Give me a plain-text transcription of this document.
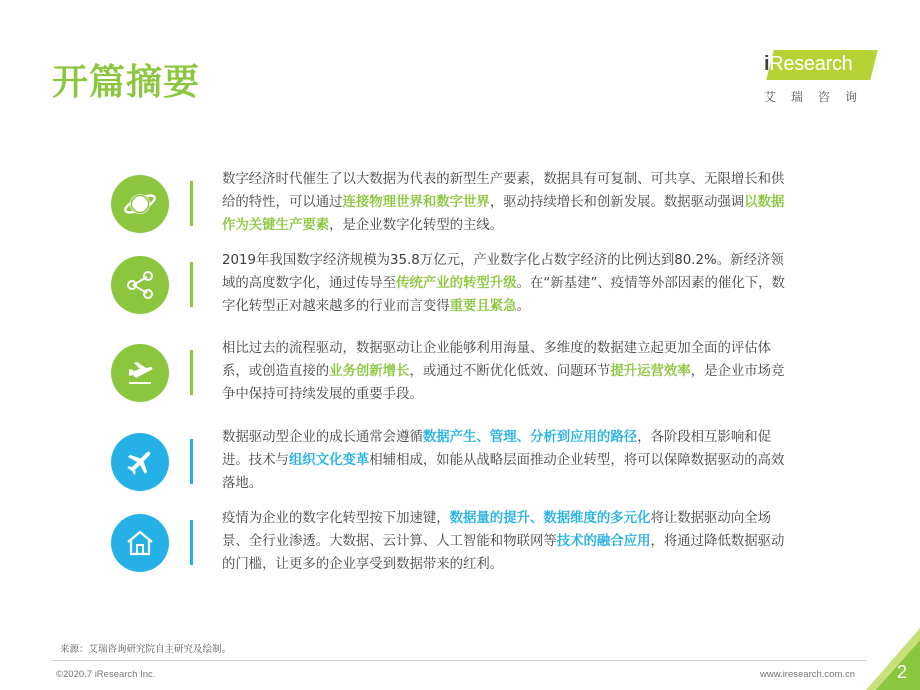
开篇摘要	iResearch
艾瑞咨询
数字经济时代催生了以大数据为代表的新型生产要素，数据具有可复制、可共享、无限增长和供给的特性，可以通过连接物理世界和数字世界，驱动持续增长和创新发展。数据驱动强调以数据作为关键生产要素，是企业数字化转型的主线。
2019年我国数字经济规模为35.8万亿元，产业数字化占数字经济的比例达到80.2%。新经济领域的高度数字化，通过传导至传统产业的转型升级。在“新基建”、疫情等外部因素的催化下，数字化转型正对越来越多的行业而言变得重要且紧急。
相比过去的流程驱动，数据驱动让企业能够利用海量、多维度的数据建立起更加全面的评估体系，或创造直接的业务创新增长，或通过不断优化低效、问题环节提升运营效率，是企业市场竞争中保持可持续发展的重要手段。
数据驱动型企业的成长通常会遵循数据产生、管理、分析到应用的路径，各阶段相互影响和促进。技术与组织文化变革相辅相成，如能从战略层面推动企业转型，将可以保障数据驱动的高效落地。
疫情为企业的数字化转型按下加速键，数据量的提升、数据维度的多元化将让数据驱动向全场景、全行业渗透。大数据、云计算、人工智能和物联网等技术的融合应用，将通过降低数据驱动的门槛，让更多的企业享受到数据带来的红利。
来源：艾瑞咨询研究院自主研究及绘制。
©2020.7 iResearch Inc.	www.iresearch.com.cn 2
